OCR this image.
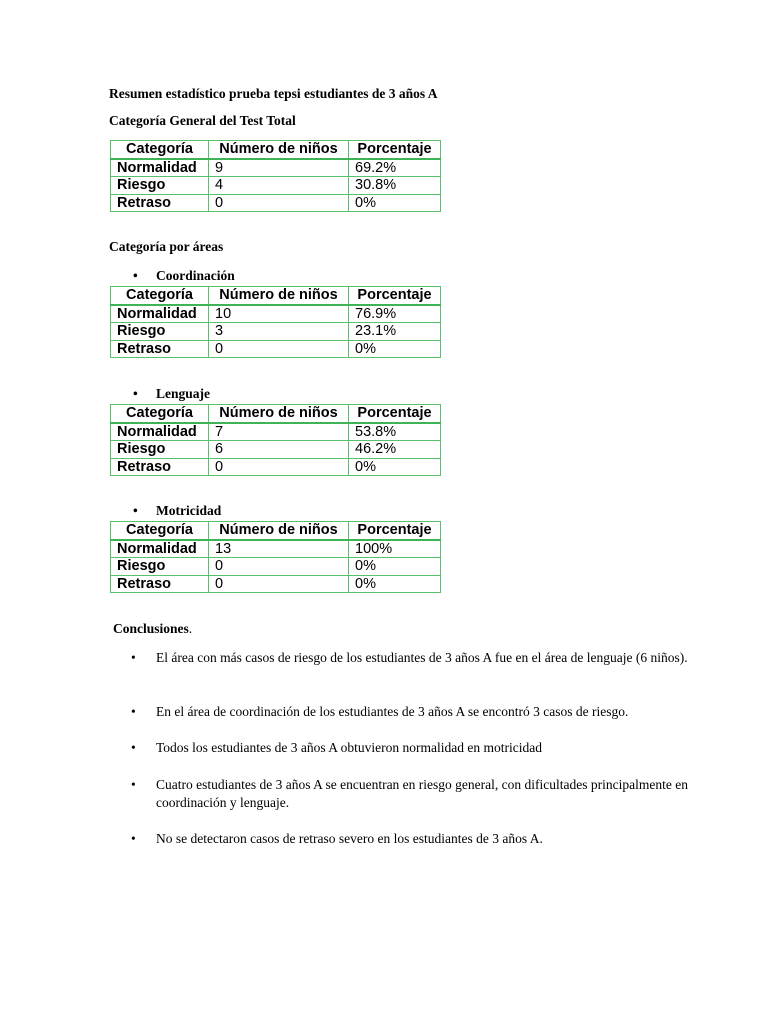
Resumen estadístico prueba tepsi estudiantes de 3 años A
Categoría General del Test Total
Categoría	Número de niños	Porcentaje
Normalidad	9	69.2%
Riesgo	4	30.8%
Retraso	0	0%
Categoría por áreas
• Coordinación
Categoría	Número de niños	Porcentaje
Normalidad	10	76.9%
Riesgo	3	23.1%
Retraso	0	0%
• Lenguaje
Categoría	Número de niños	Porcentaje
Normalidad	7	53.8%
Riesgo	6	46.2%
Retraso	0	0%
• Motricidad
Categoría	Número de niños	Porcentaje
Normalidad	13	100%
Riesgo	0	0%
Retraso	0	0%
Conclusiones.
• El área con más casos de riesgo de los estudiantes de 3 años A fue en el área de lenguaje (6 niños).
• En el área de coordinación de los estudiantes de 3 años A se encontró 3 casos de riesgo.
• Todos los estudiantes de 3 años A obtuvieron normalidad en motricidad
• Cuatro estudiantes de 3 años A se encuentran en riesgo general, con dificultades principalmente en coordinación y lenguaje.
• No se detectaron casos de retraso severo en los estudiantes de 3 años A.
